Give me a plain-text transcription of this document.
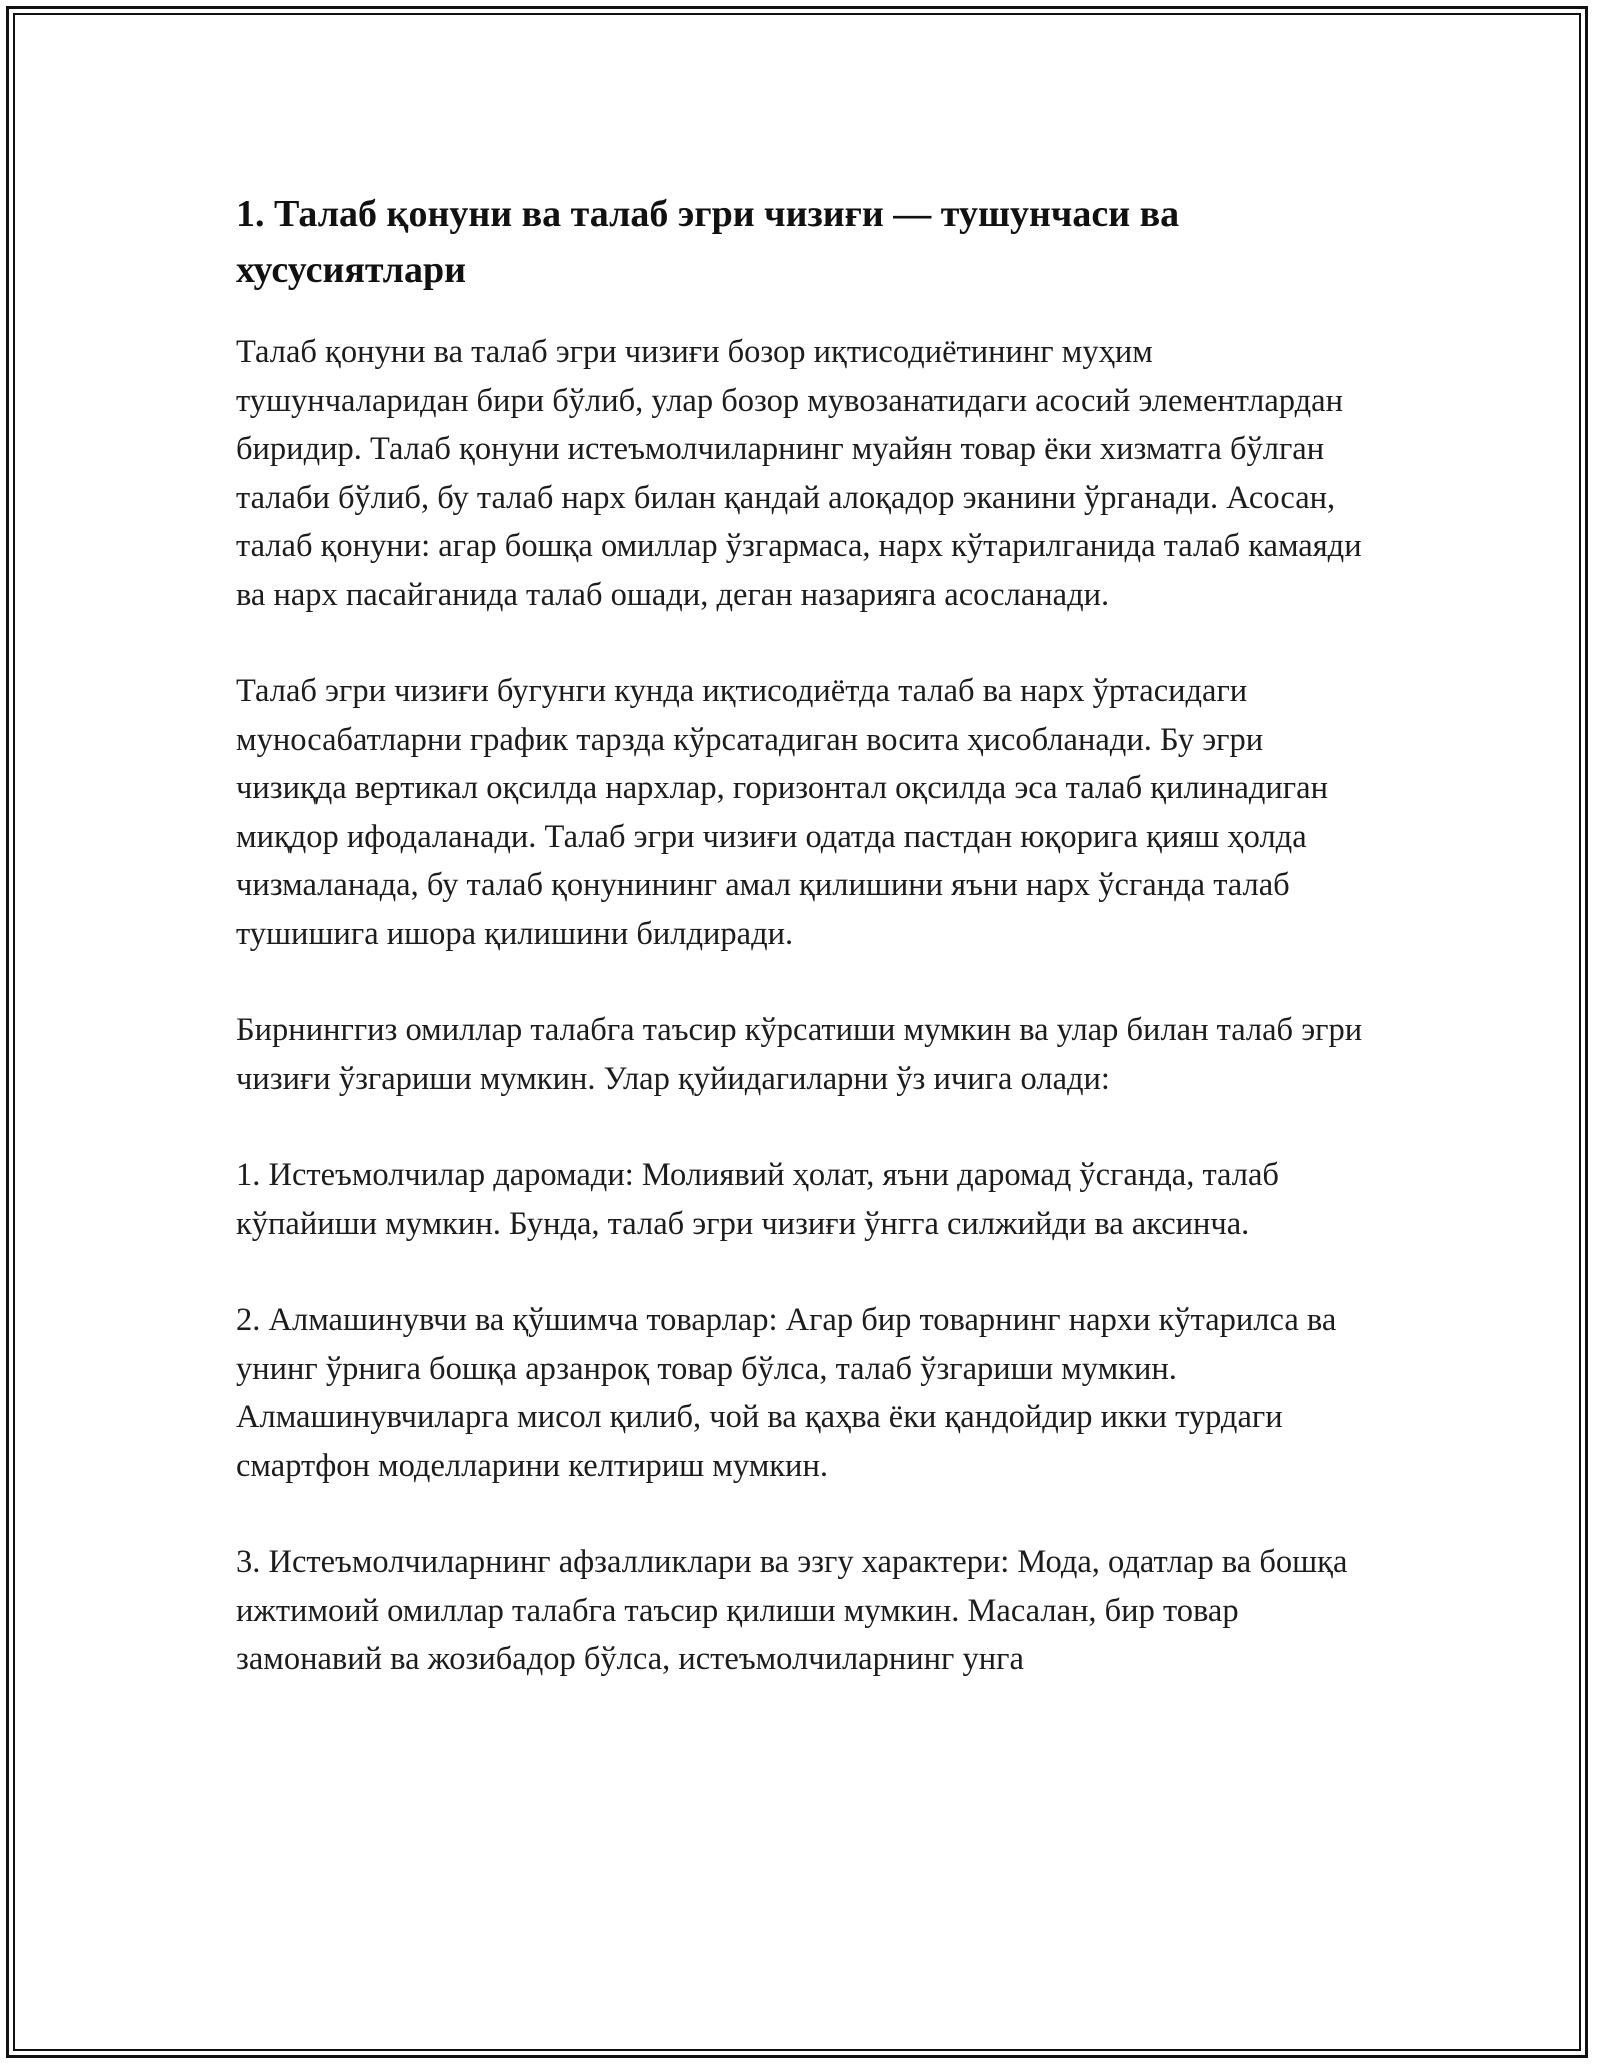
1. Талаб қонуни ва талаб эгри чизиғи — тушунчаси ва хусусиятлари

Талаб қонуни ва талаб эгри чизиғи бозор иқтисодиётининг муҳим тушунчаларидан бири бўлиб, улар бозор мувозанатидаги асосий элементлардан биридир. Талаб қонуни истеъмолчиларнинг муайян товар ёки хизматга бўлган талаби бўлиб, бу талаб нарх билан қандай алоқадор эканини ўрганади. Асосан, талаб қонуни: агар бошқа омиллар ўзгармаса, нарх кўтарилганида талаб камаяди ва нарх пасайганида талаб ошади, деган назарияга асосланади.

Талаб эгри чизиғи бугунги кунда иқтисодиётда талаб ва нарх ўртасидаги муносабатларни график тарзда кўрсатадиган восита ҳисобланади. Бу эгри чизиқда вертикал оқсилда нархлар, горизонтал оқсилда эса талаб қилинадиган миқдор ифодаланади. Талаб эгри чизиғи одатда пастдан юқорига қияш ҳолда чизмаланада, бу талаб қонунининг амал қилишини яъни нарх ўсганда талаб тушишига ишора қилишини билдиради.

Бирнинггиз омиллар талабга таъсир кўрсатиши мумкин ва улар билан талаб эгри чизиғи ўзгариши мумкин. Улар қуйидагиларни ўз ичига олади:

1. Истеъмолчилар даромади: Молиявий ҳолат, яъни даромад ўсганда, талаб кўпайиши мумкин. Бунда, талаб эгри чизиғи ўнгга силжийди ва аксинча.

2. Алмашинувчи ва қўшимча товарлар: Агар бир товарнинг нархи кўтарилса ва унинг ўрнига бошқа арзанроқ товар бўлса, талаб ўзгариши мумкин. Алмашинувчиларга мисол қилиб, чой ва қаҳва ёки қандойдир икки турдаги смартфон моделларини келтириш мумкин.

3. Истеъмолчиларнинг афзалликлари ва эзгу характери: Мода, одатлар ва бошқа ижтимоий омиллар талабга таъсир қилиши мумкин. Масалан, бир товар замонавий ва жозибадор бўлса, истеъмолчиларнинг унга
